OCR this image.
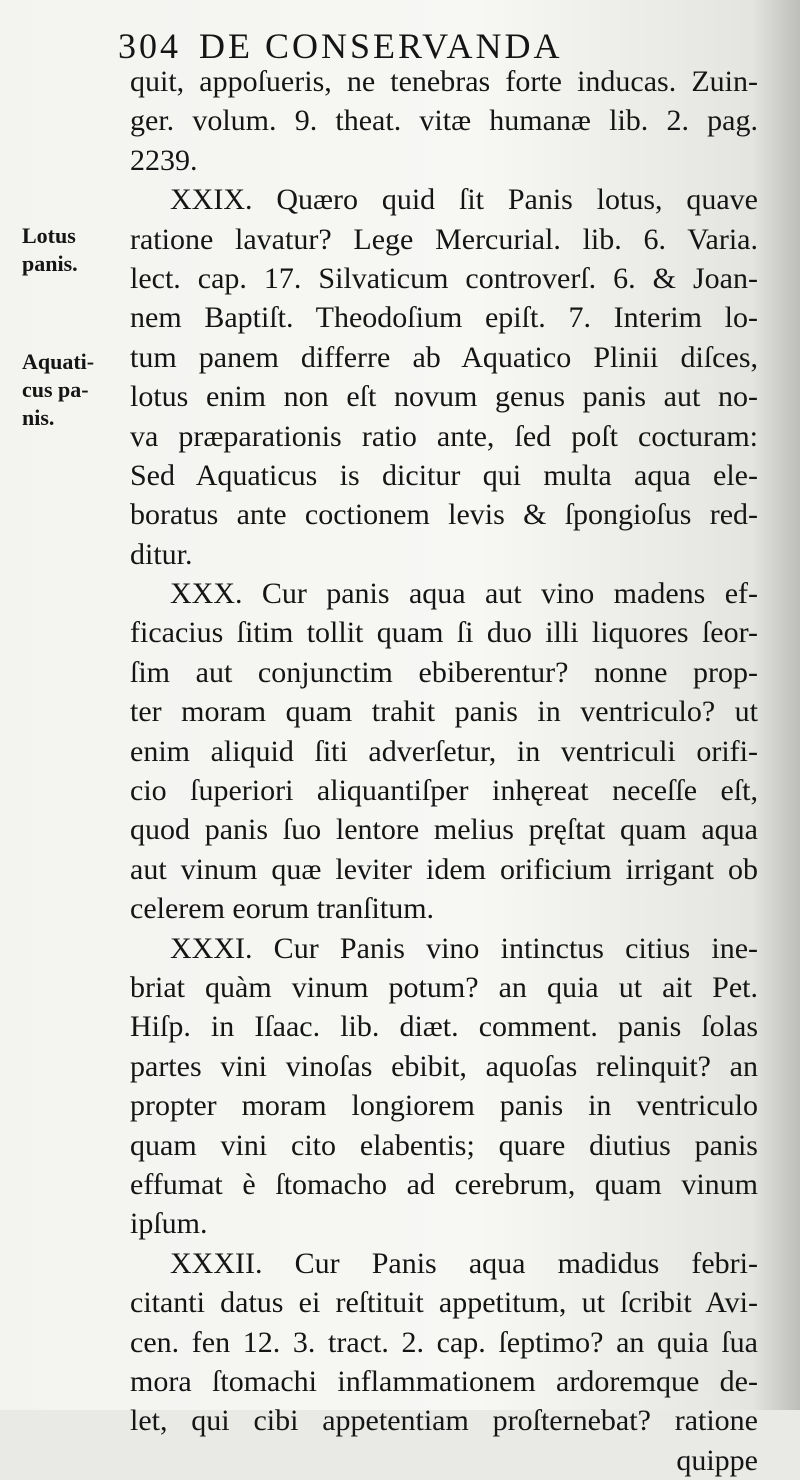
304 DE CONSERVANDA
Lotus
panis.
Aquati-
cus pa-
nis.
quit, appoſueris, ne tenebras forte inducas. Zuin-
ger. volum. 9. theat. vitæ humanæ lib. 2. pag.
2239.
XXIX. Quæro quid ſit Panis lotus, quave
ratione lavatur? Lege Mercurial. lib. 6. Varia.
lect. cap. 17. Silvaticum controverſ. 6. & Joan-
nem Baptiſt. Theodoſium epiſt. 7. Interim lo-
tum panem differre ab Aquatico Plinii diſces,
lotus enim non eſt novum genus panis aut no-
va præparationis ratio ante, ſed poſt cocturam:
Sed Aquaticus is dicitur qui multa aqua ele-
boratus ante coctionem levis & ſpongioſus red-
ditur.
XXX. Cur panis aqua aut vino madens ef-
ficacius ſitim tollit quam ſi duo illi liquores ſeor-
ſim aut conjunctim ebiberentur? nonne prop-
ter moram quam trahit panis in ventriculo? ut
enim aliquid ſiti adverſetur, in ventriculi orifi-
cio ſuperiori aliquantiſper inhęreat neceſſe eſt,
quod panis ſuo lentore melius pręſtat quam aqua
aut vinum quæ leviter idem orificium irrigant ob
celerem eorum tranſitum.
XXXI. Cur Panis vino intinctus citius ine-
briat quàm vinum potum? an quia ut ait Pet.
Hiſp. in Iſaac. lib. diæt. comment. panis ſolas
partes vini vinoſas ebibit, aquoſas relinquit? an
propter moram longiorem panis in ventriculo
quam vini cito elabentis; quare diutius panis
effumat è ſtomacho ad cerebrum, quam vinum
ipſum.
XXXII. Cur Panis aqua madidus febri-
citanti datus ei reſtituit appetitum, ut ſcribit Avi-
cen. fen 12. 3. tract. 2. cap. ſeptimo? an quia ſua
mora ſtomachi inflammationem ardoremque de-
let, qui cibi appetentiam proſternebat? ratione
quippe
